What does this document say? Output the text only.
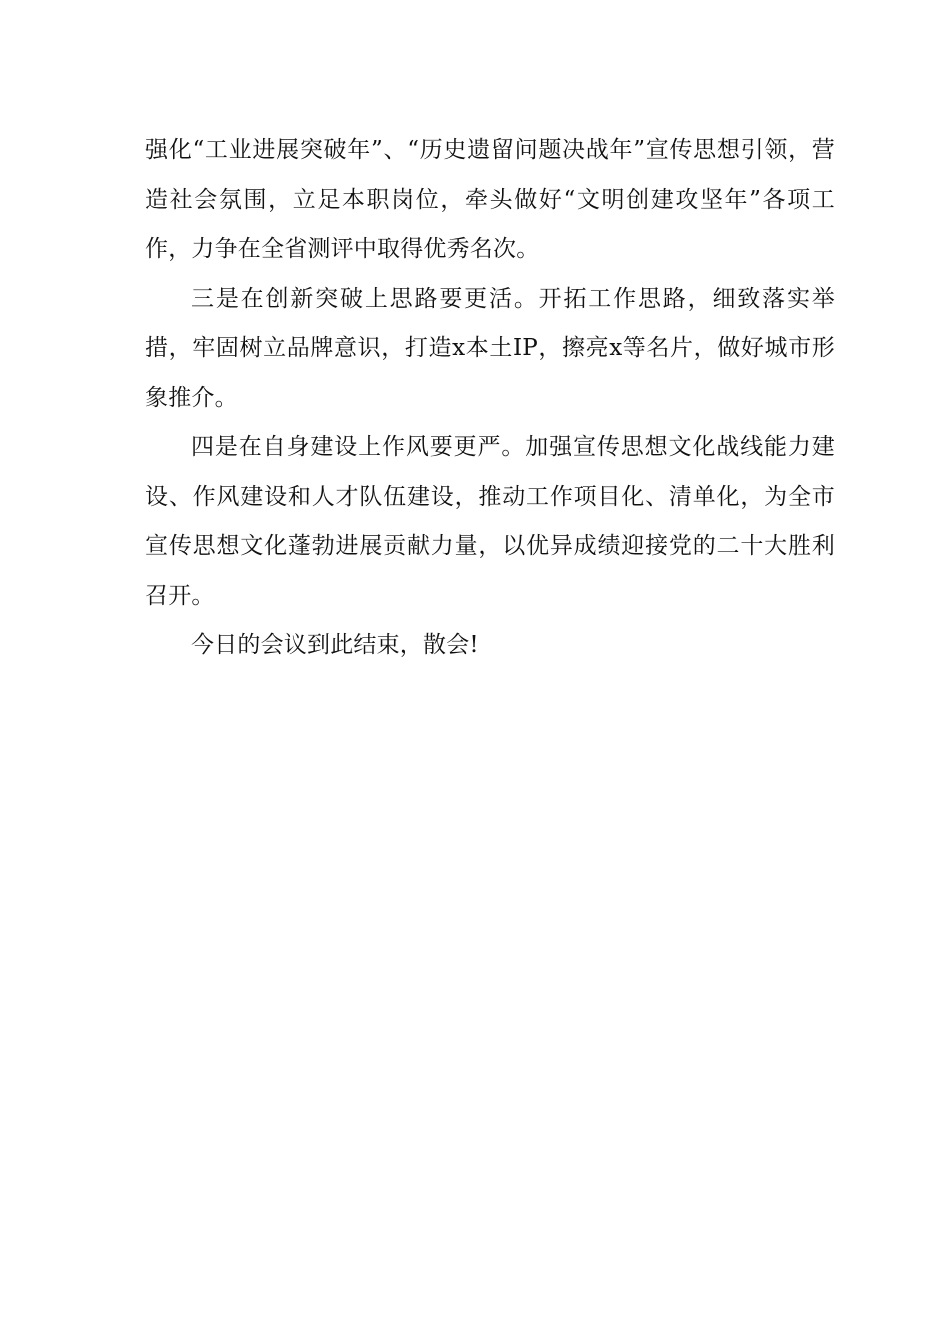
强化“工业进展突破年”、“历史遗留问题决战年”宣传思想引领，营造社会氛围，立足本职岗位，牵头做好“文明创建攻坚年”各项工作，力争在全省测评中取得优秀名次。

三是在创新突破上思路要更活。开拓工作思路，细致落实举措，牢固树立品牌意识，打造x本土IP，擦亮x等名片，做好城市形象推介。

四是在自身建设上作风要更严。加强宣传思想文化战线能力建设、作风建设和人才队伍建设，推动工作项目化、清单化，为全市宣传思想文化蓬勃进展贡献力量，以优异成绩迎接党的二十大胜利召开。

今日的会议到此结束，散会!
